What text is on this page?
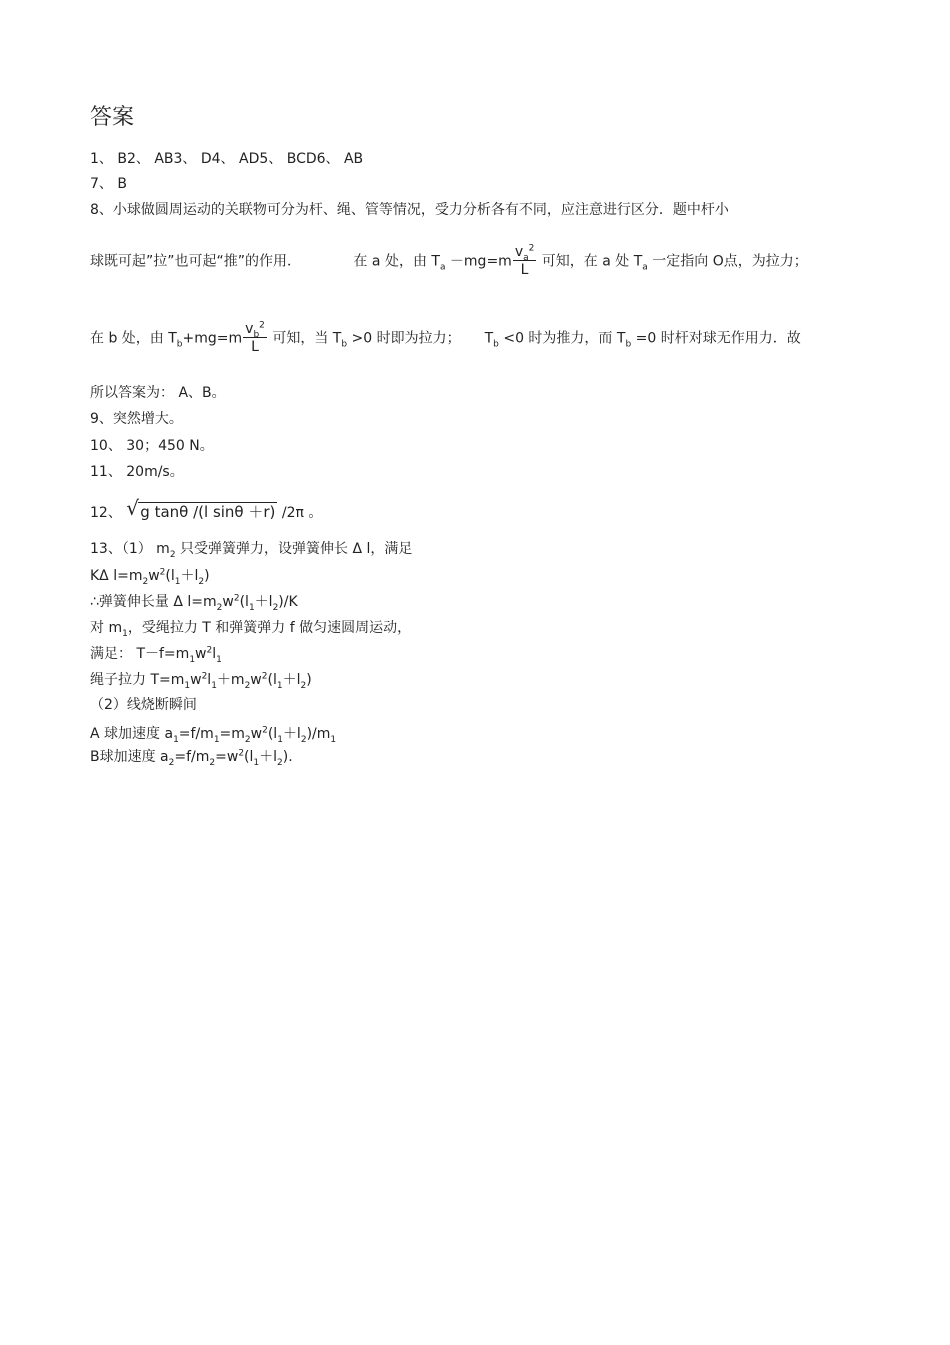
答案
1、 B2、 AB3、 D4、 AD5、 BCD6、 AB
7、 B
8、小球做圆周运动的关联物可分为杆、绳、管等情况，受力分析各有不同，应注意进行区分．题中杆小
球既可起”拉”也可起“推”的作用．	在 a 处，由 $T_a -mg=m \frac{v_a^2}{L}$ 可知，在 a 处 $T_a$ 一定指向 O点，为拉力；
在 b 处，由 $T_b+mg=m \frac{v_b^2}{L}$ 可知，当 $T_b >0$ 时即为拉力； $T_b <0$ 时为推力，而 $T_b =0$ 时杆对球无作用力．故
所以答案为： A、B。
9、突然增大。
10、 30；450 N。
11、 20m/s。
12、 √ g tanθ /(l sinθ ＋r) /2π 。
13、（1） $m_2$ 只受弹簧弹力，设弹簧伸长 Δ l，满足
KΔ $l=m_2w^2(l_1+l_2)$
∴弹簧伸长量 Δ $l=m_2w^2(l_1+l_2)/K$
对 $m_1$，受绳拉力 T 和弹簧弹力 f 做匀速圆周运动，
满足： $T-f=m_1w^2l_1$
绳子拉力 $T=m_1w^2l_1+m_2w^2(l_1+l_2)$
（2）线烧断瞬间
A 球加速度 $a_1=f/m_1=m_2w^2(l_1+l_2)/m_1$
B球加速度 $a_2=f/m_2=w^2(l_1+l_2)$.
